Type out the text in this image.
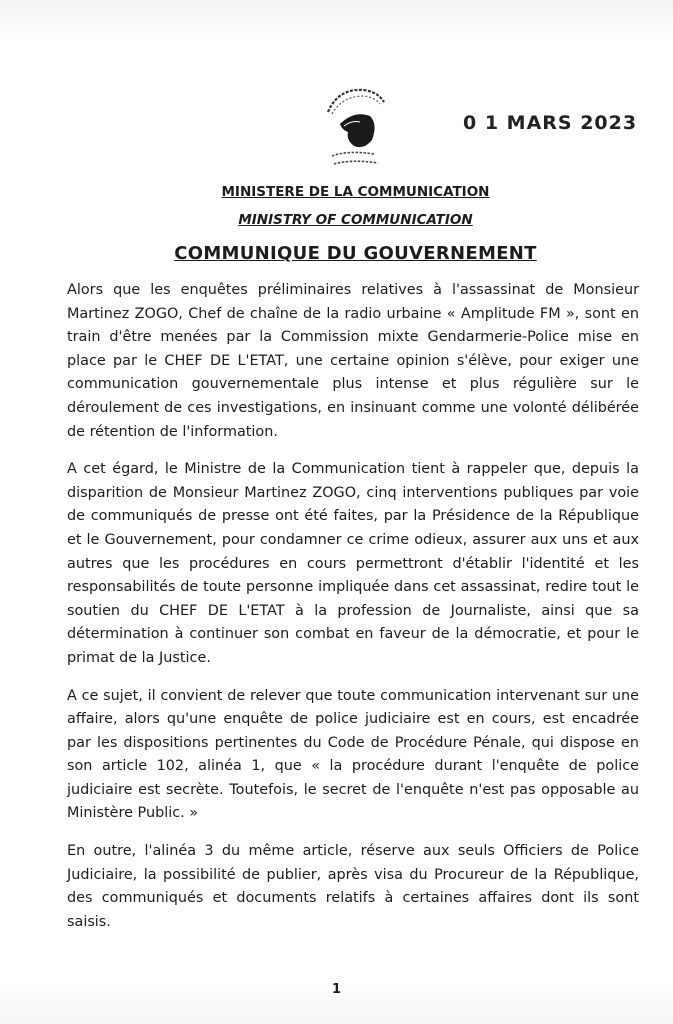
0 1 MARS 2023
MINISTERE DE LA COMMUNICATION
MINISTRY OF COMMUNICATION
COMMUNIQUE DU GOUVERNEMENT

Alors que les enquêtes préliminaires relatives à l'assassinat de Monsieur Martinez ZOGO, Chef de chaîne de la radio urbaine « Amplitude FM », sont en train d'être menées par la Commission mixte Gendarmerie-Police mise en place par le CHEF DE L'ETAT, une certaine opinion s'élève, pour exiger une communication gouvernementale plus intense et plus régulière sur le déroulement de ces investigations, en insinuant comme une volonté délibérée de rétention de l'information.

A cet égard, le Ministre de la Communication tient à rappeler que, depuis la disparition de Monsieur Martinez ZOGO, cinq interventions publiques par voie de communiqués de presse ont été faites, par la Présidence de la République et le Gouvernement, pour condamner ce crime odieux, assurer aux uns et aux autres que les procédures en cours permettront d'établir l'identité et les responsabilités de toute personne impliquée dans cet assassinat, redire tout le soutien du CHEF DE L'ETAT à la profession de Journaliste, ainsi que sa détermination à continuer son combat en faveur de la démocratie, et pour le primat de la Justice.

A ce sujet, il convient de relever que toute communication intervenant sur une affaire, alors qu'une enquête de police judiciaire est en cours, est encadrée par les dispositions pertinentes du Code de Procédure Pénale, qui dispose en son article 102, alinéa 1, que « la procédure durant l'enquête de police judiciaire est secrète. Toutefois, le secret de l'enquête n'est pas opposable au Ministère Public. »

En outre, l'alinéa 3 du même article, réserve aux seuls Officiers de Police Judiciaire, la possibilité de publier, après visa du Procureur de la République, des communiqués et documents relatifs à certaines affaires dont ils sont saisis.

1
